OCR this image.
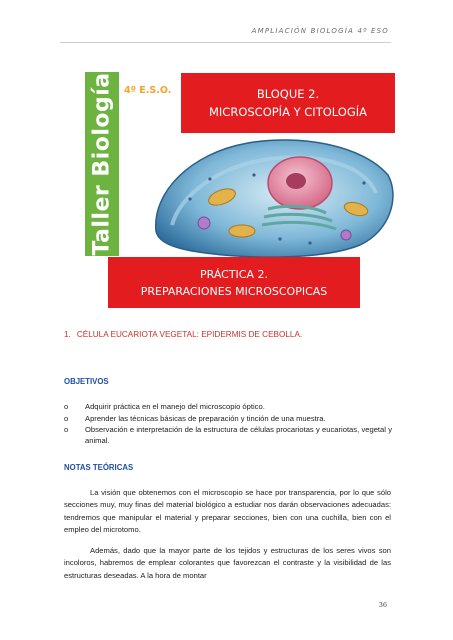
AMPLIACIÓN BIOLOGÍA 4º ESO
Taller Biología 4º E.S.O.	BLOQUE 2.
MICROSCOPÍA Y CITOLOGÍA
PRÁCTICA 2.
PREPARACIONES MICROSCOPICAS
1. CÉLULA EUCARIOTA VEGETAL: EPIDERMIS DE CEBOLLA.
OBJETIVOS
o Adquirir práctica en el manejo del microscopio óptico.
o Aprender las técnicas básicas de preparación y tinción de una muestra.
o Observación e interpretación de la estructura de células procariotas y eucariotas, vegetal y animal.
NOTAS TEÓRICAS

La visión que obtenemos con el microscopio se hace por transparencia, por lo que sólo secciones muy, muy finas del material biológico a estudiar nos darán observaciones adecuadas: tendremos que manipular el material y preparar secciones, bien con una cuchilla, bien con el empleo del microtomo.

Además, dado que la mayor parte de los tejidos y estructuras de los seres vivos son incoloros, habremos de emplear colorantes que favorezcan el contraste y la visibilidad de las estructuras deseadas. A la hora de montar

36
